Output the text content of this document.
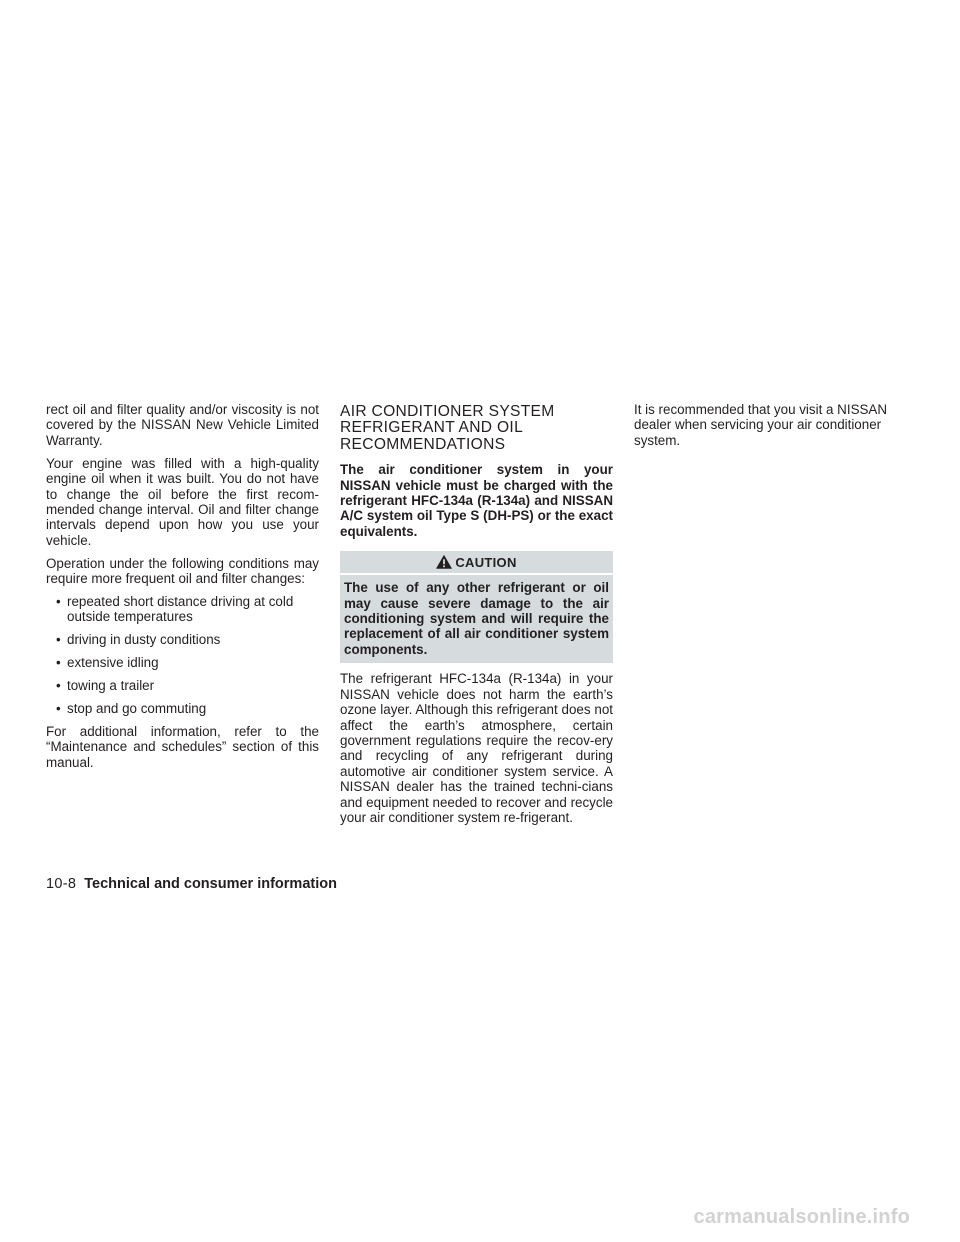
rect oil and filter quality and/or viscosity is not covered by the NISSAN New Vehicle Limited Warranty.

Your engine was filled with a high-quality engine oil when it was built. You do not have to change the oil before the first recom-mended change interval. Oil and filter change intervals depend upon how you use your vehicle.

Operation under the following conditions may require more frequent oil and filter changes:

• repeated short distance driving at cold outside temperatures
• driving in dusty conditions
• extensive idling
• towing a trailer
• stop and go commuting

For additional information, refer to the “Maintenance and schedules” section of this manual.

AIR CONDITIONER SYSTEM REFRIGERANT AND OIL RECOMMENDATIONS

The air conditioner system in your NISSAN vehicle must be charged with the refrigerant HFC-134a (R-134a) and NISSAN A/C system oil Type S (DH-PS) or the exact equivalents.

CAUTION
The use of any other refrigerant or oil may cause severe damage to the air conditioning system and will require the replacement of all air conditioner system components.

The refrigerant HFC-134a (R-134a) in your NISSAN vehicle does not harm the earth’s ozone layer. Although this refrigerant does not affect the earth’s atmosphere, certain government regulations require the recov-ery and recycling of any refrigerant during automotive air conditioner system service. A NISSAN dealer has the trained techni-cians and equipment needed to recover and recycle your air conditioner system re-frigerant.

It is recommended that you visit a NISSAN dealer when servicing your air conditioner system.

10-8 Technical and consumer information
carmanualsonline.info
